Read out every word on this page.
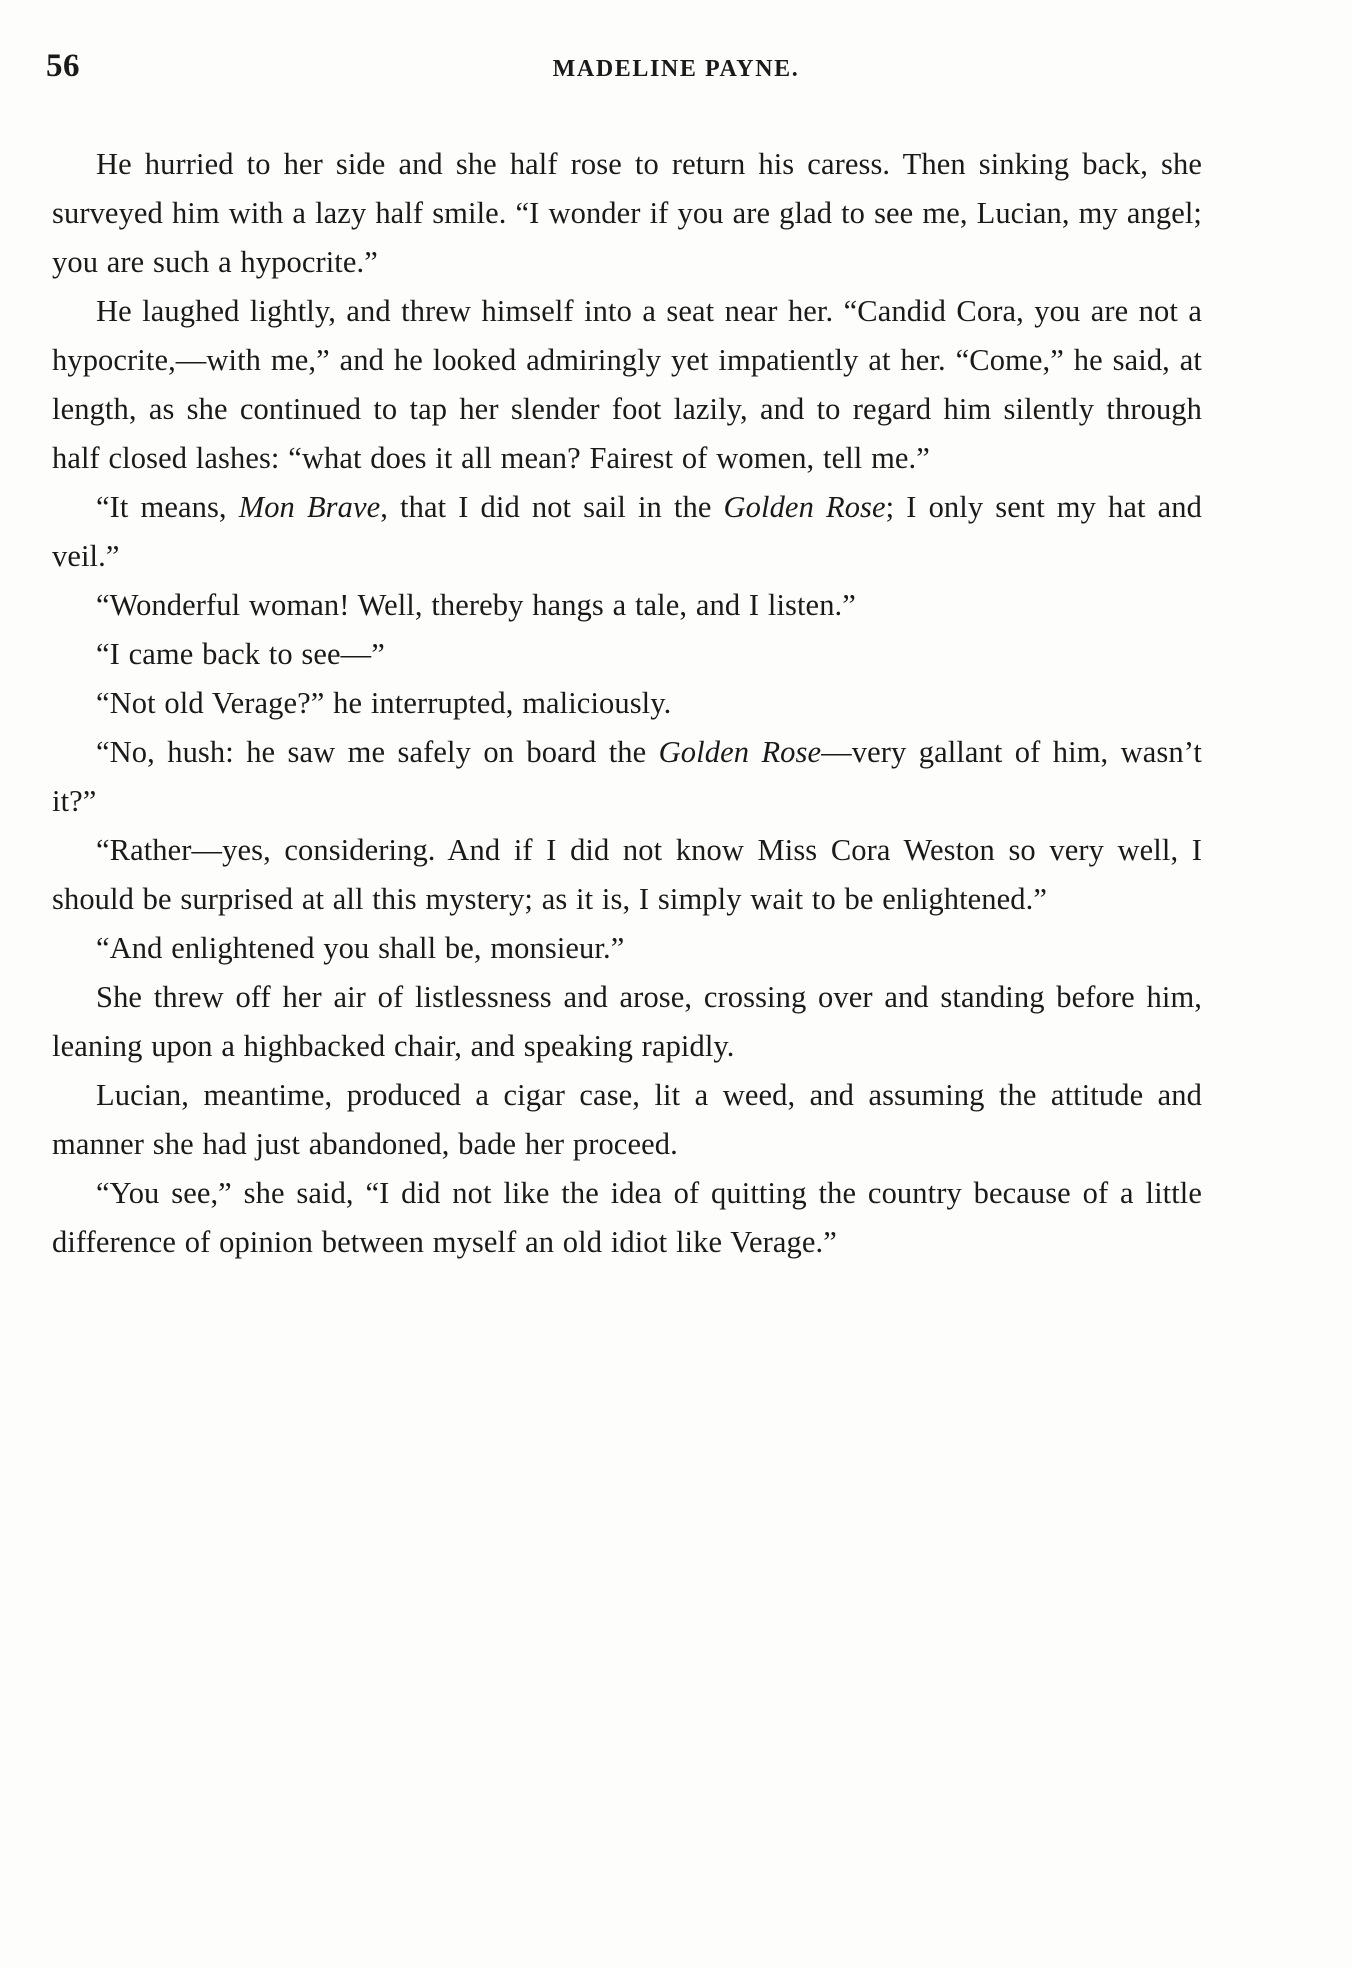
56	MADELINE PAYNE.

He hurried to her side and she half rose to return his caress. Then sinking back, she surveyed him with a lazy half smile. “I wonder if you are glad to see me, Lucian, my angel; you are such a hypocrite.”

He laughed lightly, and threw himself into a seat near her. “Candid Cora, you are not a hypocrite,—with me,” and he looked admiringly yet impatiently at her. “Come,” he said, at length, as she continued to tap her slender foot lazily, and to regard him silently through half closed lashes: “what does it all mean? Fairest of women, tell me.”

“It means, Mon Brave, that I did not sail in the Golden Rose; I only sent my hat and veil.”

“Wonderful woman! Well, thereby hangs a tale, and I listen.”

“I came back to see—”

“Not old Verage?” he interrupted, maliciously.

“No, hush: he saw me safely on board the Golden Rose—very gallant of him, wasn’t it?”

“Rather—yes, considering. And if I did not know Miss Cora Weston so very well, I should be surprised at all this mystery; as it is, I simply wait to be enlightened.”

“And enlightened you shall be, monsieur.”

She threw off her air of listlessness and arose, crossing over and standing before him, leaning upon a highbacked chair, and speaking rapidly.

Lucian, meantime, produced a cigar case, lit a weed, and assuming the attitude and manner she had just abandoned, bade her proceed.

“You see,” she said, “I did not like the idea of quitting the country because of a little difference of opinion between myself an old idiot like Verage.”
